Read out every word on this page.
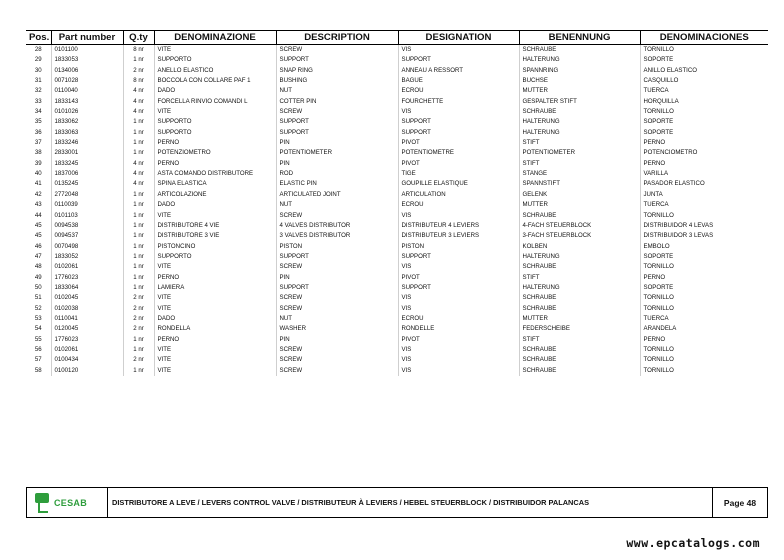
Pos.	Part number	Q.ty	DENOMINAZIONE	DESCRIPTION	DESIGNATION	BENENNUNG	DENOMINACIONES
28	0101100	8 nr	VITE	SCREW	VIS	SCHRAUBE	TORNILLO
29	1833053	1 nr	SUPPORTO	SUPPORT	SUPPORT	HALTERUNG	SOPORTE
30	0134006	2 nr	ANELLO ELASTICO	SNAP RING	ANNEAU A RESSORT	SPANNRING	ANILLO ELASTICO
31	0071028	8 nr	BOCCOLA CON COLLARE PAF 1	BUSHING	BAGUE	BUCHSE	CASQUILLO
32	0110040	4 nr	DADO	NUT	ECROU	MUTTER	TUERCA
33	1833143	4 nr	FORCELLA RINVIO COMANDI L	COTTER PIN	FOURCHETTE	GESPALTER STIFT	HORQUILLA
34	0101026	4 nr	VITE	SCREW	VIS	SCHRAUBE	TORNILLO
35	1833062	1 nr	SUPPORTO	SUPPORT	SUPPORT	HALTERUNG	SOPORTE
36	1833063	1 nr	SUPPORTO	SUPPORT	SUPPORT	HALTERUNG	SOPORTE
37	1833246	1 nr	PERNO	PIN	PIVOT	STIFT	PERNO
38	2833001	1 nr	POTENZIOMETRO	POTENTIOMETER	POTENTIOMETRE	POTENTIOMETER	POTENCIOMETRO
39	1833245	4 nr	PERNO	PIN	PIVOT	STIFT	PERNO
40	1837006	4 nr	ASTA COMANDO DISTRIBUTORE	ROD	TIGE	STANGE	VARILLA
41	0135245	4 nr	SPINA ELASTICA	ELASTIC PIN	GOUPILLE ELASTIQUE	SPANNSTIFT	PASADOR ELASTICO
42	2772048	1 nr	ARTICOLAZIONE	ARTICULATED JOINT	ARTICULATION	GELENK	JUNTA
43	0110039	1 nr	DADO	NUT	ECROU	MUTTER	TUERCA
44	0101103	1 nr	VITE	SCREW	VIS	SCHRAUBE	TORNILLO
45	0094538	1 nr	DISTRIBUTORE 4 VIE	4 VALVES DISTRIBUTOR	DISTRIBUTEUR 4 LEVIERS	4-FACH STEUERBLOCK	DISTRIBUIDOR 4 LEVAS
45	0094537	1 nr	DISTRIBUTORE 3 VIE	3 VALVES DISTRIBUTOR	DISTRIBUTEUR 3 LEVIERS	3-FACH STEUERBLOCK	DISTRIBUIDOR 3 LEVAS
46	0070498	1 nr	PISTONCINO	PISTON	PISTON	KOLBEN	EMBOLO
47	1833052	1 nr	SUPPORTO	SUPPORT	SUPPORT	HALTERUNG	SOPORTE
48	0102061	1 nr	VITE	SCREW	VIS	SCHRAUBE	TORNILLO
49	1776023	1 nr	PERNO	PIN	PIVOT	STIFT	PERNO
50	1833064	1 nr	LAMIERA	SUPPORT	SUPPORT	HALTERUNG	SOPORTE
51	0102045	2 nr	VITE	SCREW	VIS	SCHRAUBE	TORNILLO
52	0102038	2 nr	VITE	SCREW	VIS	SCHRAUBE	TORNILLO
53	0110041	2 nr	DADO	NUT	ECROU	MUTTER	TUERCA
54	0120045	2 nr	RONDELLA	WASHER	RONDELLE	FEDERSCHEIBE	ARANDELA
55	1776023	1 nr	PERNO	PIN	PIVOT	STIFT	PERNO
56	0102061	1 nr	VITE	SCREW	VIS	SCHRAUBE	TORNILLO
57	0100434	2 nr	VITE	SCREW	VIS	SCHRAUBE	TORNILLO
58	0100120	1 nr	VITE	SCREW	VIS	SCHRAUBE	TORNILLO
CESAB	DISTRIBUTORE A LEVE / LEVERS CONTROL VALVE / DISTRIBUTEUR À LEVIERS / HEBEL STEUERBLOCK / DISTRIBUIDOR PALANCAS	Page 48
www.epcatalogs.com
